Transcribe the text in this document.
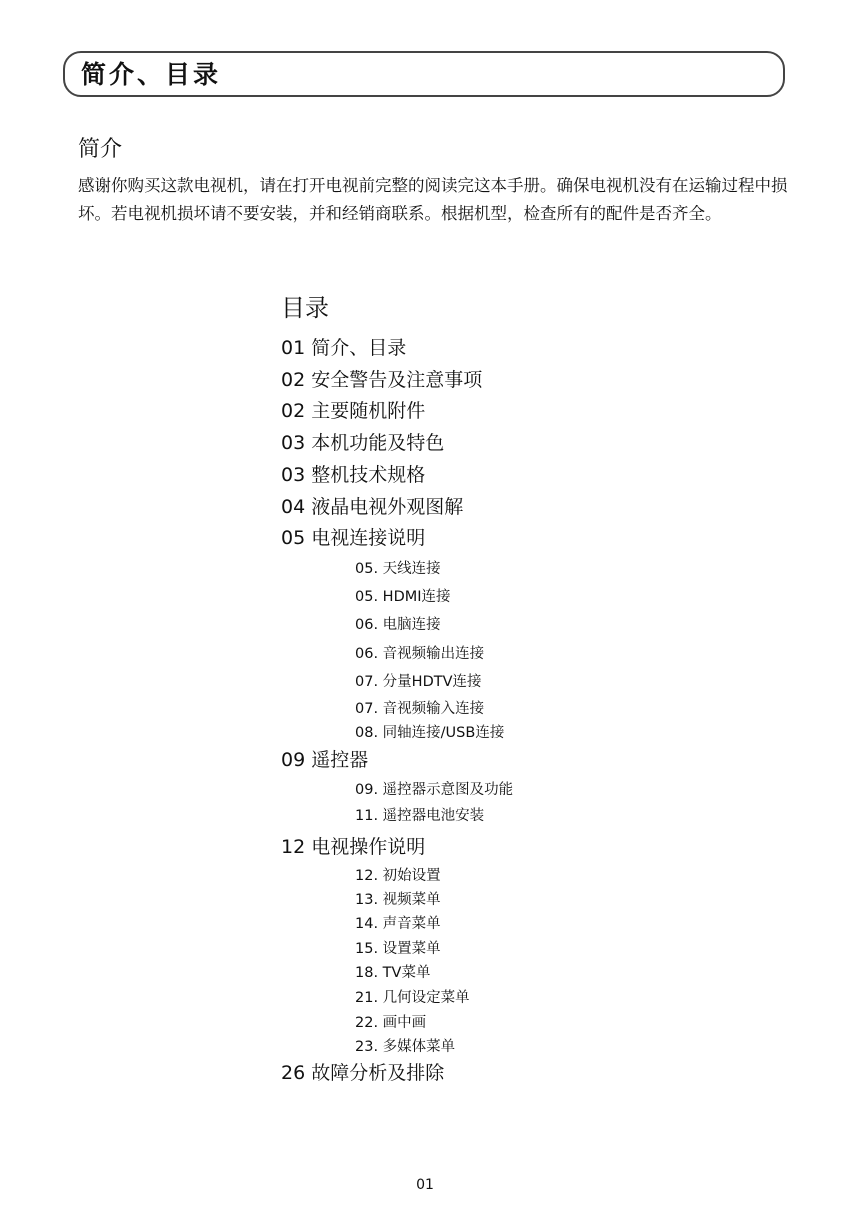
简介、目录
简介

感谢你购买这款电视机，请在打开电视前完整的阅读完这本手册。确保电视机没有在运输过程中损坏。若电视机损坏请不要安装，并和经销商联系。根据机型，检查所有的配件是否齐全。

目录
01 简介、目录
02 安全警告及注意事项
02 主要随机附件
03 本机功能及特色
03 整机技术规格
04 液晶电视外观图解
05 电视连接说明
05. 天线连接
05. HDMI连接
06. 电脑连接
06. 音视频输出连接
07. 分量HDTV连接
07. 音视频输入连接
08. 同轴连接/USB连接
09 遥控器
09. 遥控器示意图及功能
11. 遥控器电池安装
12 电视操作说明
12. 初始设置
13. 视频菜单
14. 声音菜单
15. 设置菜单
18. TV菜单
21. 几何设定菜单
22. 画中画
23. 多媒体菜单
26 故障分析及排除
01
